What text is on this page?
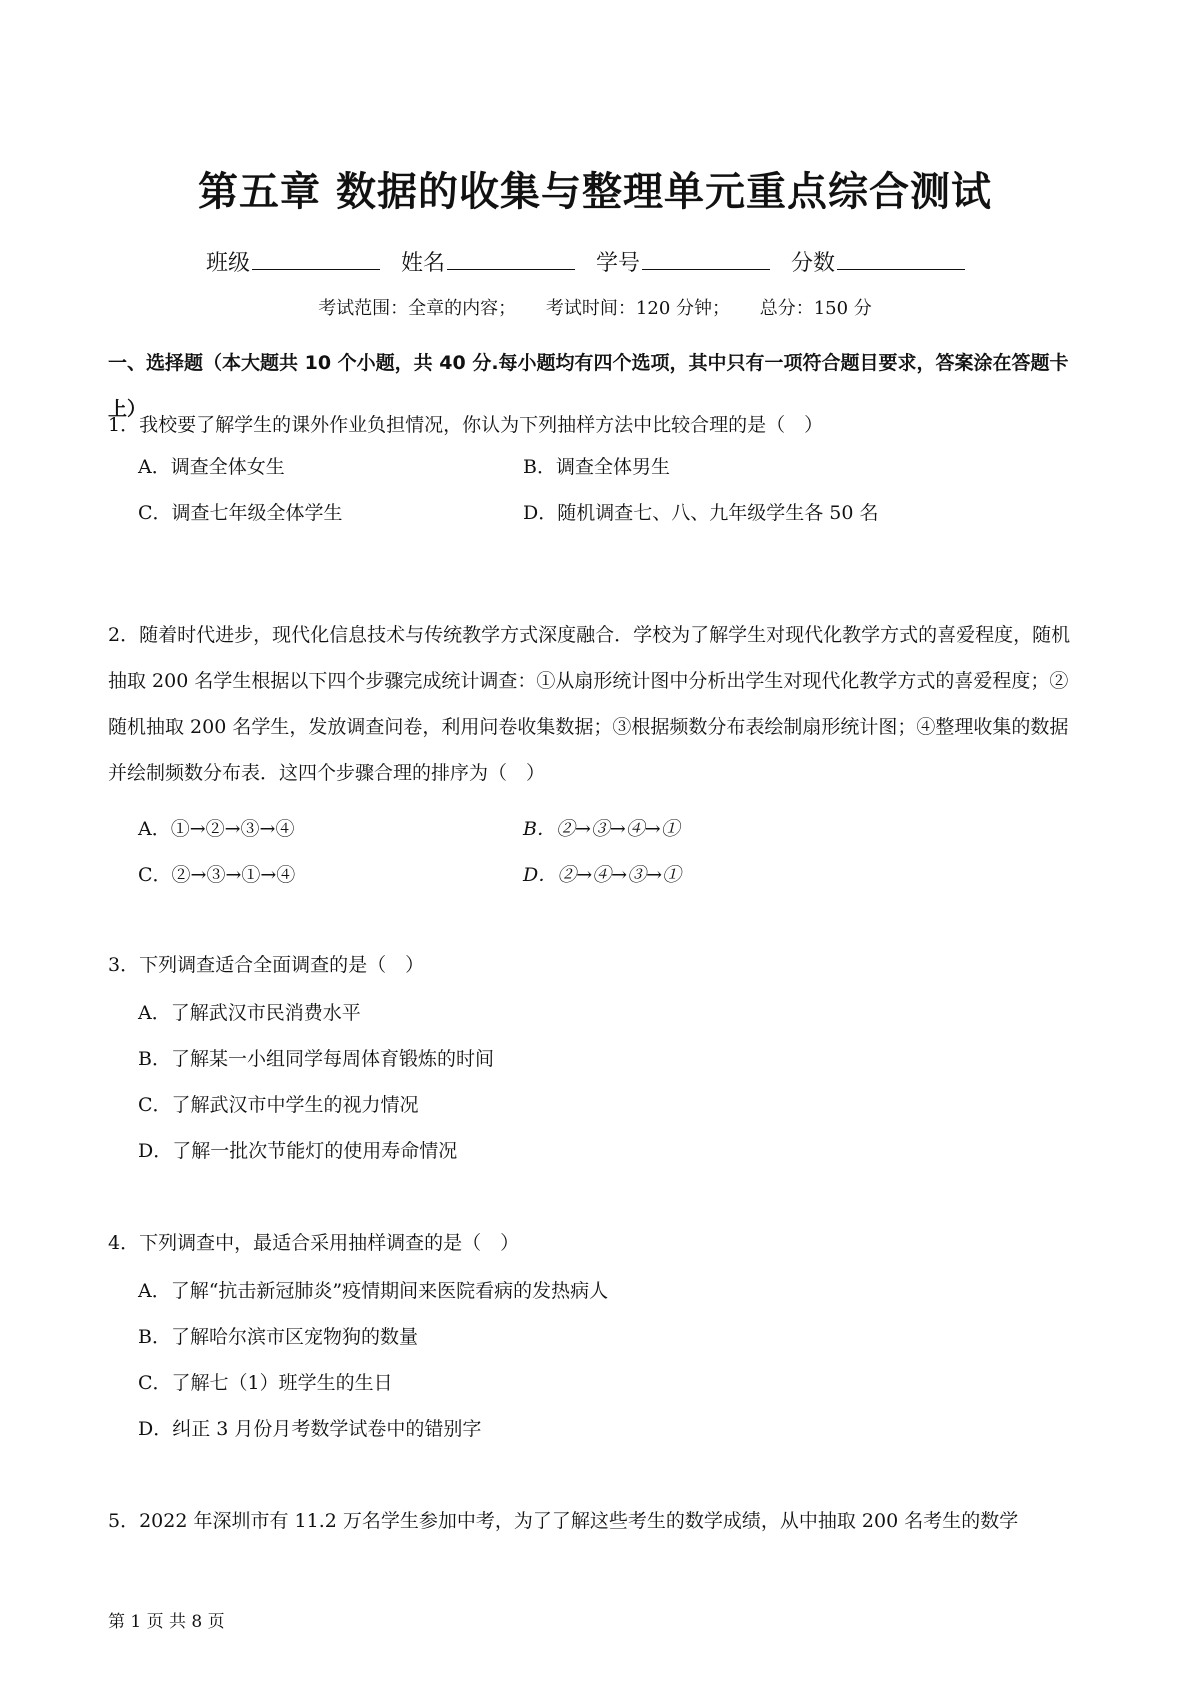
第五章 数据的收集与整理单元重点综合测试
班级	姓名	学号	分数
考试范围：全章的内容； 考试时间：120 分钟； 总分：150 分
一、选择题（本大题共 10 个小题，共 40 分.每小题均有四个选项，其中只有一项符合题目要求，答案涂在答题卡上）
1．我校要了解学生的课外作业负担情况，你认为下列抽样方法中比较合理的是（　）
A．调查全体女生	B．调查全体男生
C．调查七年级全体学生	D．随机调查七、八、九年级学生各 50 名
2．随着时代进步，现代化信息技术与传统教学方式深度融合．学校为了解学生对现代化教学方式的喜爱程度，随机抽取 200 名学生根据以下四个步骤完成统计调查：①从扇形统计图中分析出学生对现代化教学方式的喜爱程度；②随机抽取 200 名学生，发放调查问卷，利用问卷收集数据；③根据频数分布表绘制扇形统计图；④整理收集的数据并绘制频数分布表．这四个步骤合理的排序为（　）
A．①→②→③→④	B．②→③→④→①
C．②→③→①→④	D．②→④→③→①
3．下列调查适合全面调查的是（　）
A．了解武汉市民消费水平
B．了解某一小组同学每周体育锻炼的时间
C．了解武汉市中学生的视力情况
D．了解一批次节能灯的使用寿命情况
4．下列调查中，最适合采用抽样调查的是（　）
A．了解“抗击新冠肺炎”疫情期间来医院看病的发热病人
B．了解哈尔滨市区宠物狗的数量
C．了解七（1）班学生的生日
D．纠正 3 月份月考数学试卷中的错别字
5．2022 年深圳市有 11.2 万名学生参加中考，为了了解这些考生的数学成绩，从中抽取 200 名考生的数学
第 1 页 共 8 页
